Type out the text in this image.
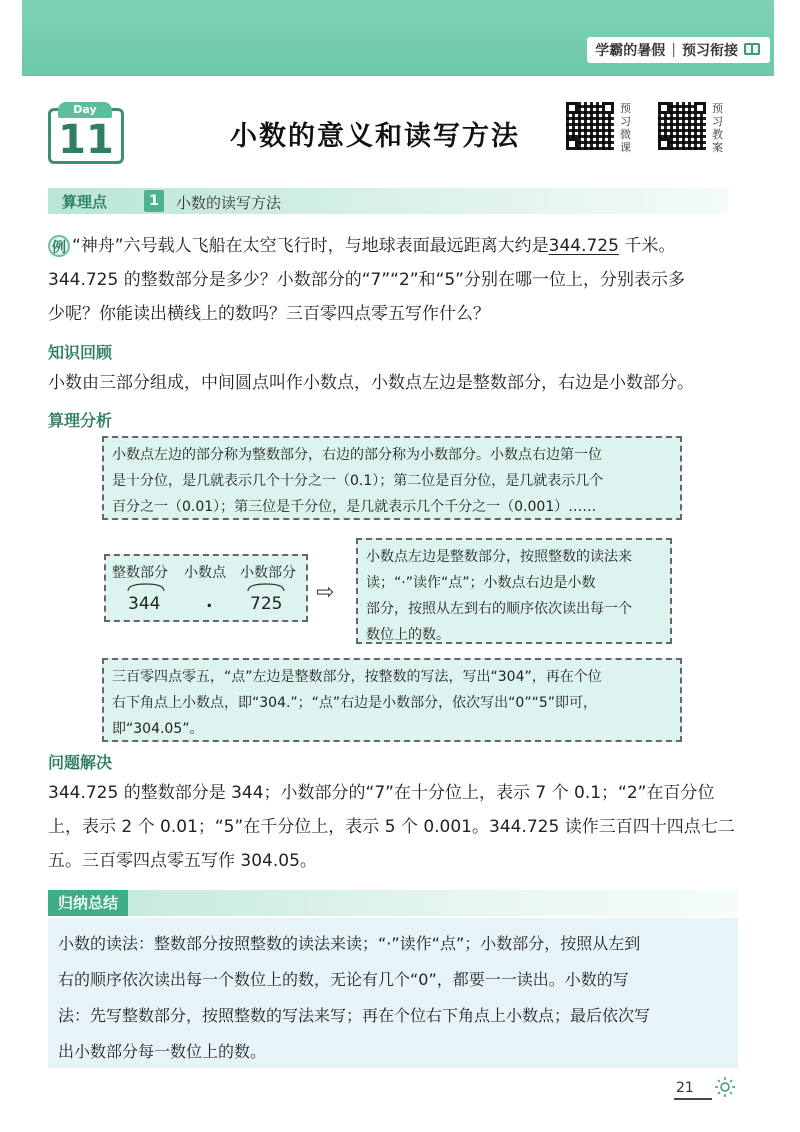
学霸的暑假 | 预习衔接
Day
11	小数的意义和读写方法
预
习
微
课
预
习
教
案
算理点	1	小数的读写方法
例 “神舟”六号载人飞船在太空飞行时，与地球表面最远距离大约是344.725 千米。
344.725 的整数部分是多少？小数部分的“7”“2”和“5”分别在哪一位上，分别表示多
少呢？你能读出横线上的数吗？三百零四点零五写作什么？
知识回顾
小数由三部分组成，中间圆点叫作小数点，小数点左边是整数部分，右边是小数部分。
算理分析
小数点左边的部分称为整数部分，右边的部分称为小数部分。小数点右边第一位
是十分位，是几就表示几个十分之一（0.1）；第二位是百分位，是几就表示几个
百分之一（0.01）；第三位是千分位，是几就表示几个千分之一（0.001）……
整数部分 小数点 小数部分
344	. 725 ⇨
小数点左边是整数部分，按照整数的读法来
读；“·”读作“点”；小数点右边是小数
部分，按照从左到右的顺序依次读出每一个
数位上的数。
三百零四点零五，“点”左边是整数部分，按整数的写法，写出“304”，再在个位
右下角点上小数点，即“304.”；“点”右边是小数部分，依次写出“0”“5”即可，
即“304.05”。
问题解决
344.725 的整数部分是 344；小数部分的“7”在十分位上，表示 7 个 0.1；“2”在百分位
上，表示 2 个 0.01；“5”在千分位上，表示 5 个 0.001。344.725 读作三百四十四点七二
五。三百零四点零五写作 304.05。
归纳总结
小数的读法：整数部分按照整数的读法来读；“·”读作“点”；小数部分，按照从左到
右的顺序依次读出每一个数位上的数，无论有几个“0”，都要一一读出。小数的写
法：先写整数部分，按照整数的写法来写；再在个位右下角点上小数点；最后依次写
出小数部分每一数位上的数。
21
